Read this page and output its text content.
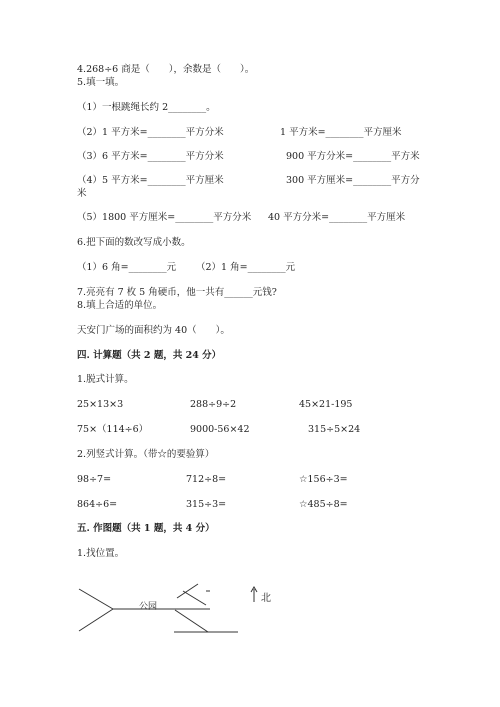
4.268÷6 商是（　　），余数是（　　）。
5.填一填。
（1）一根跳绳长约 2________。
（2）1 平方米=________平方分米	1 平方米=________平方厘米
（3）6 平方米=________平方分米	900 平方分米=________平方米
（4）5 平方米=________平方厘米	300 平方厘米=________平方分
米
（5）1800 平方厘米=________平方分米 40 平方分米=________平方厘米
6.把下面的数改写成小数。
（1）6 角=________元 （2）1 角=________元
7.亮亮有 7 枚 5 角硬币，他一共有______元钱?
8.填上合适的单位。
天安门广场的面积约为 40（　　）。
四. 计算题（共 2 题，共 24 分）
1.脱式计算。
25×13×3	288÷9÷2	45×21-195
75×（114÷6）	9000-56×42	315÷5×24
2.列竖式计算。（带☆的要验算）
98÷7=	712÷8=	☆156÷3=
864÷6=	315÷3=	☆485÷8=
五. 作图题（共 1 题，共 4 分）
1.找位置。
公园
北
